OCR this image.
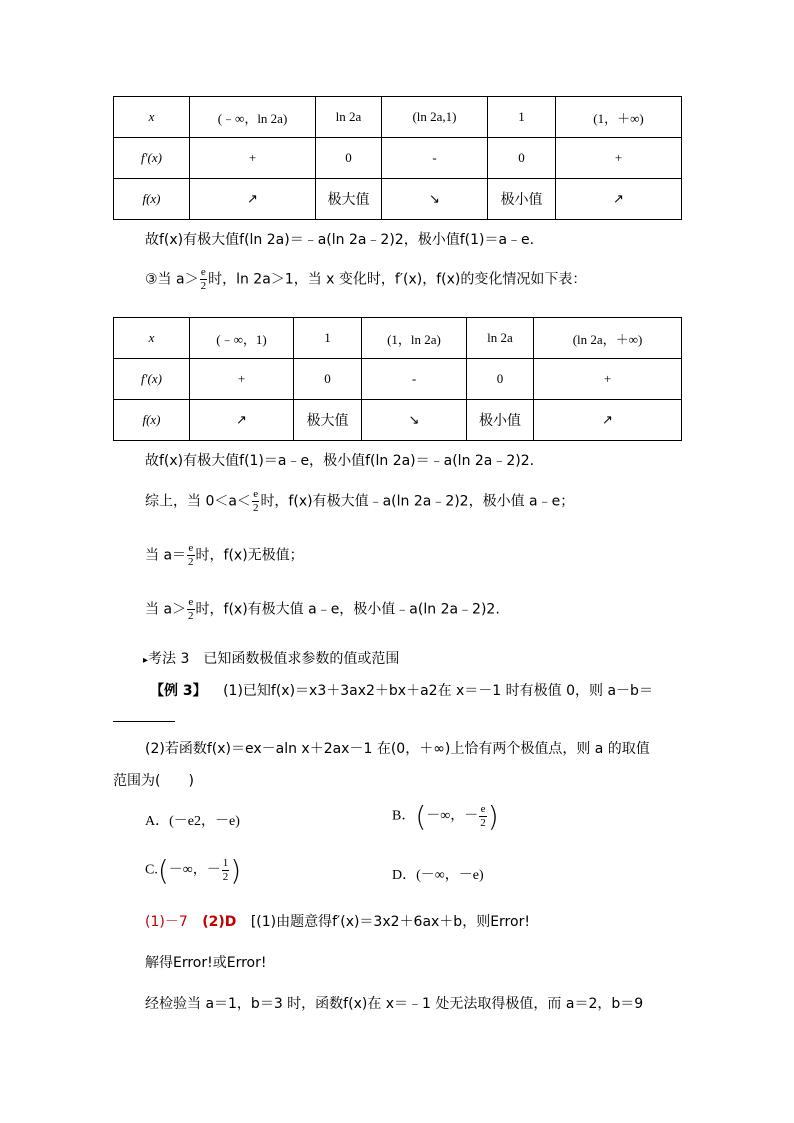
x	(﹣∞，ln 2a)	ln 2a	(ln 2a,1)	1	(1，＋∞)
f′(x)	+	0	-	0	+
f(x)	↗	极大值	↘	极小值	↗
故f(x)有极大值f(ln 2a)＝﹣a(ln 2a﹣2)2，极小值f(1)＝a﹣e.
③当 $a> \frac{e}{2}$ 时，ln 2a＞1，当 x 变化时，f′(x)，f(x)的变化情况如下表：
x	(﹣∞，1)	1	(1，ln 2a)	ln 2a	(ln 2a，＋∞)
f′(x)	+	0	-	0	+
f(x)	↗	极大值	↘	极小值	↗
故f(x)有极大值f(1)＝a﹣e，极小值f(ln 2a)＝﹣a(ln 2a﹣2)2.
综上，当 $0<a< \frac{e}{2}$ 时，f(x)有极大值﹣a(ln 2a﹣2)2，极小值 a﹣e；
当 $a= \frac{e}{2}$ 时，f(x)无极值；
当 $a> \frac{e}{2}$ 时，f(x)有极大值 a﹣e，极小值﹣a(ln 2a﹣2)2.
▸考法 3　已知函数极值求参数的值或范围
【例 3】 (1)已知f(x)＝x3＋3ax2＋bx＋a2在 x＝－1 时有极值 0，则 a－b＝
(2)若函数f(x)＝ex－aln x＋2ax－1 在(0，＋∞)上恰有两个极值点，则 a 的取值
范围为(　　)
A．(－e2，－e)	B．(－∞，－ $\frac{e}{2}$ )
C.(－∞，－ $\frac{1}{2}$ )	D．(－∞，－e)
(1)－7 (2)D [(1)由题意得f′(x)＝3x2＋6ax＋b，则Error!
解得Error!或Error!
经检验当 a＝1，b＝3 时，函数f(x)在 x＝﹣1 处无法取得极值，而 a＝2，b＝9
